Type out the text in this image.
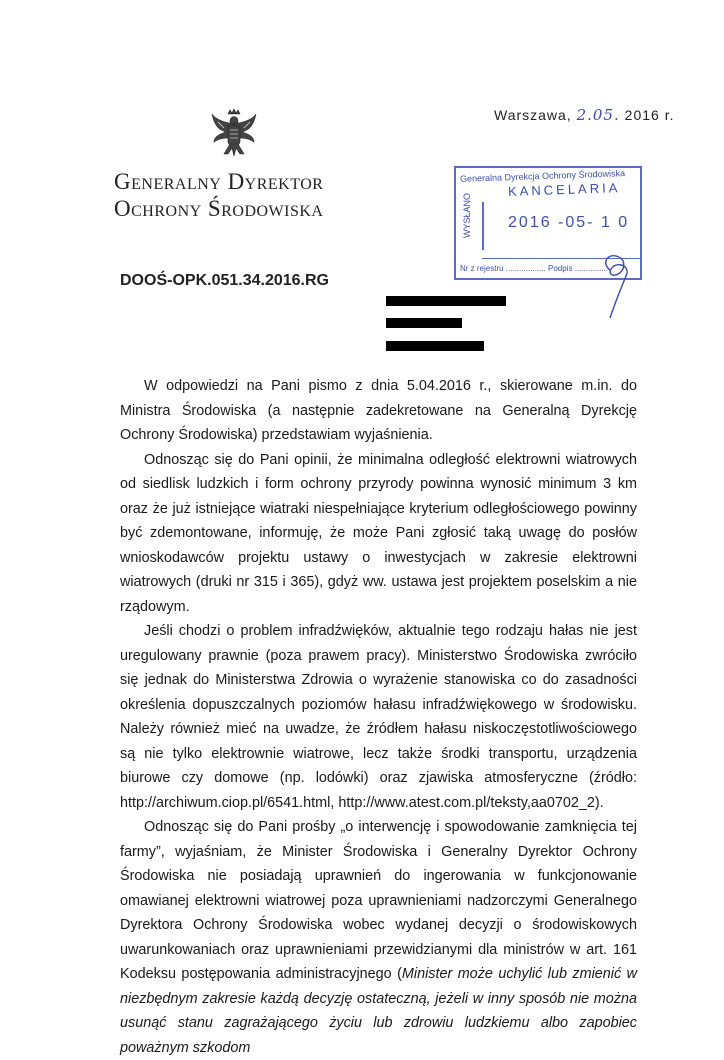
Warszawa, 2.05. 2016 r.
Generalny Dyrektor
Ochrony Środowiska
DOOŚ-OPK.051.34.2016.RG
Generalna Dyrekcja Ochrony Środowiska
KANCELARIA
WYSŁANO 2016 -05- 1 0
Nr z rejestru .................. Podpis ...............

W odpowiedzi na Pani pismo z dnia 5.04.2016 r., skierowane m.in. do Ministra Środowiska (a następnie zadekretowane na Generalną Dyrekcję Ochrony Środowiska) przedstawiam wyjaśnienia.

Odnosząc się do Pani opinii, że minimalna odległość elektrowni wiatrowych od siedlisk ludzkich i form ochrony przyrody powinna wynosić minimum 3 km oraz że już istniejące wiatraki niespełniające kryterium odległościowego powinny być zdemontowane, informuję, że może Pani zgłosić taką uwagę do posłów wnioskodawców projektu ustawy o inwestycjach w zakresie elektrowni wiatrowych (druki nr 315 i 365), gdyż ww. ustawa jest projektem poselskim a nie rządowym.

Jeśli chodzi o problem infradźwięków, aktualnie tego rodzaju hałas nie jest uregulowany prawnie (poza prawem pracy). Ministerstwo Środowiska zwróciło się jednak do Ministerstwa Zdrowia o wyrażenie stanowiska co do zasadności określenia dopuszczalnych poziomów hałasu infradźwiękowego w środowisku. Należy również mieć na uwadze, że źródłem hałasu niskoczęstotliwościowego są nie tylko elektrownie wiatrowe, lecz także środki transportu, urządzenia biurowe czy domowe (np. lodówki) oraz zjawiska atmosferyczne (źródło: http://archiwum.ciop.pl/6541.html, http://www.atest.com.pl/teksty,aa0702_2).

Odnosząc się do Pani prośby „o interwencję i spowodowanie zamknięcia tej farmy”, wyjaśniam, że Minister Środowiska i Generalny Dyrektor Ochrony Środowiska nie posiadają uprawnień do ingerowania w funkcjonowanie omawianej elektrowni wiatrowej poza uprawnieniami nadzorczymi Generalnego Dyrektora Ochrony Środowiska wobec wydanej decyzji o środowiskowych uwarunkowaniach oraz uprawnieniami przewidzianymi dla ministrów w art. 161 Kodeksu postępowania administracyjnego (Minister może uchylić lub zmienić w niezbędnym zakresie każdą decyzję ostateczną, jeżeli w inny sposób nie można usunąć stanu zagrażającego życiu lub zdrowiu ludzkiemu albo zapobiec poważnym szkodom
